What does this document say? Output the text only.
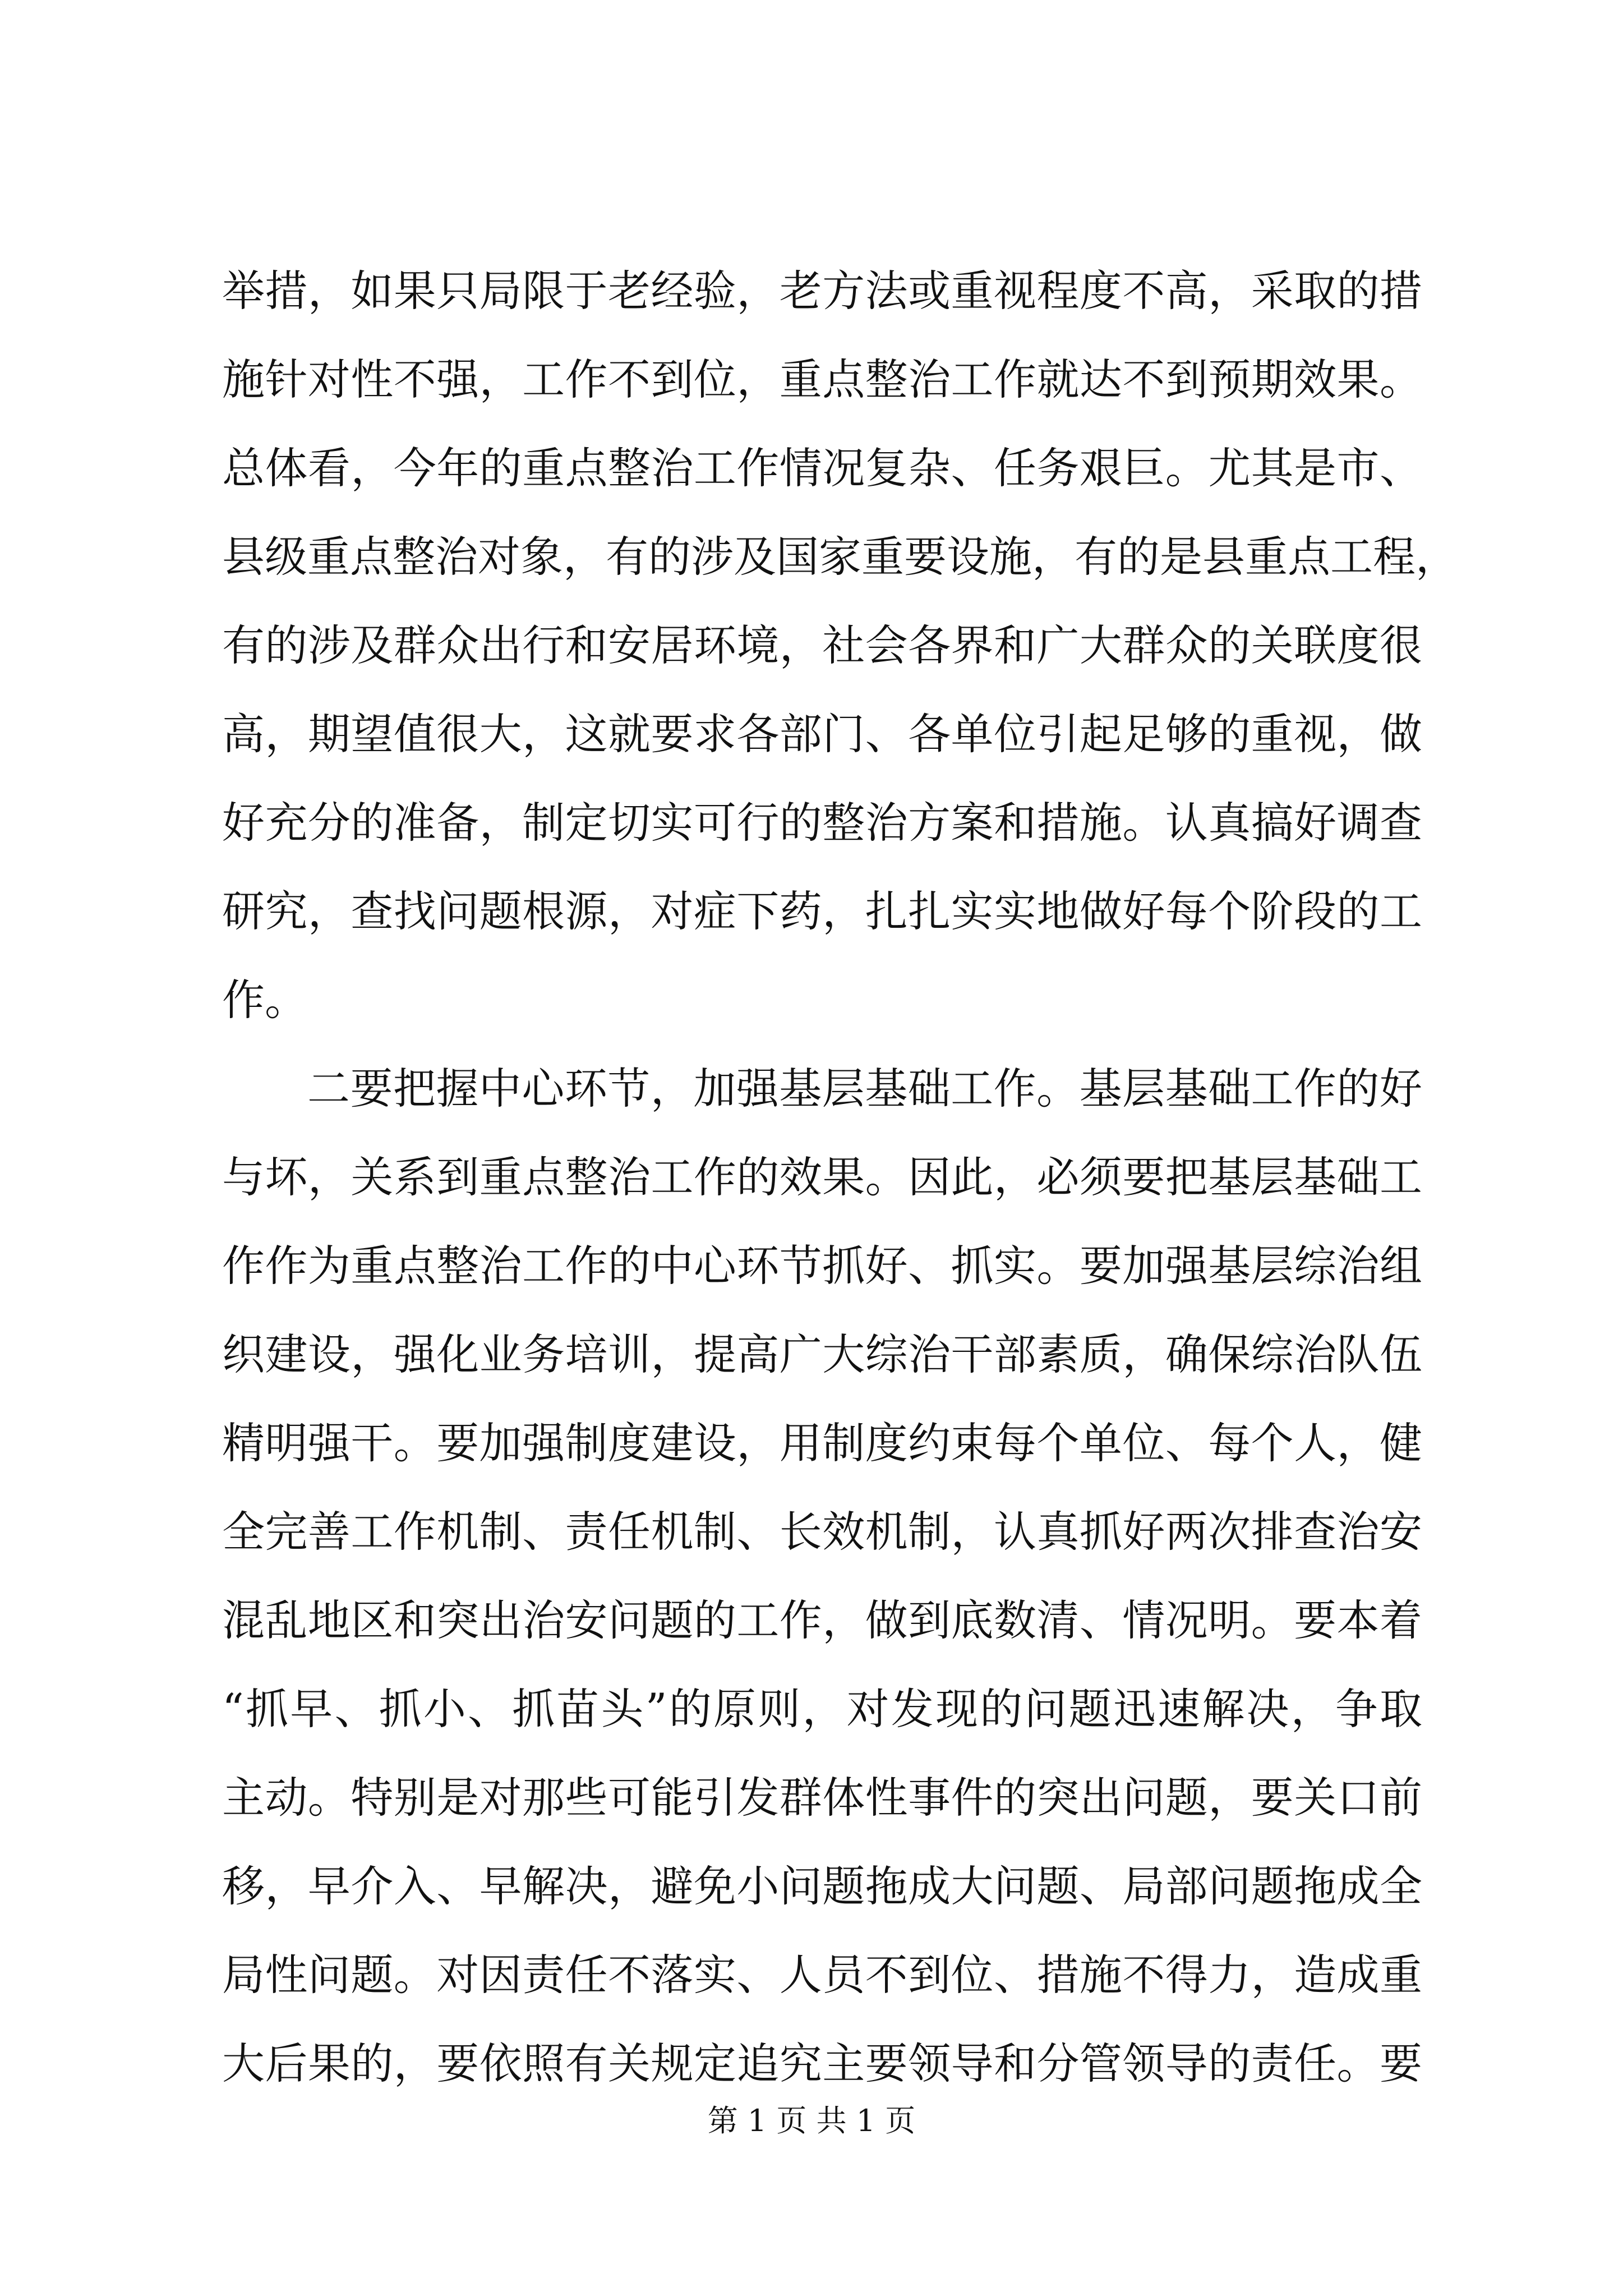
举措，如果只局限于老经验，老方法或重视程度不高，采取的措
施针对性不强，工作不到位，重点整治工作就达不到预期效果。
总体看，今年的重点整治工作情况复杂、任务艰巨。尤其是市、
县级重点整治对象，有的涉及国家重要设施，有的是县重点工程，
有的涉及群众出行和安居环境，社会各界和广大群众的关联度很
高，期望值很大，这就要求各部门、各单位引起足够的重视，做
好充分的准备，制定切实可行的整治方案和措施。认真搞好调查
研究，查找问题根源，对症下药，扎扎实实地做好每个阶段的工
作。
二要把握中心环节，加强基层基础工作。基层基础工作的好
与坏，关系到重点整治工作的效果。因此，必须要把基层基础工
作作为重点整治工作的中心环节抓好、抓实。要加强基层综治组
织建设，强化业务培训，提高广大综治干部素质，确保综治队伍
精明强干。要加强制度建设，用制度约束每个单位、每个人，健
全完善工作机制、责任机制、长效机制，认真抓好两次排查治安
混乱地区和突出治安问题的工作，做到底数清、情况明。要本着
“抓早、抓小、抓苗头”的原则，对发现的问题迅速解决，争取
主动。特别是对那些可能引发群体性事件的突出问题，要关口前
移，早介入、早解决，避免小问题拖成大问题、局部问题拖成全
局性问题。对因责任不落实、人员不到位、措施不得力，造成重
大后果的，要依照有关规定追究主要领导和分管领导的责任。要
第 1 页 共 1 页
